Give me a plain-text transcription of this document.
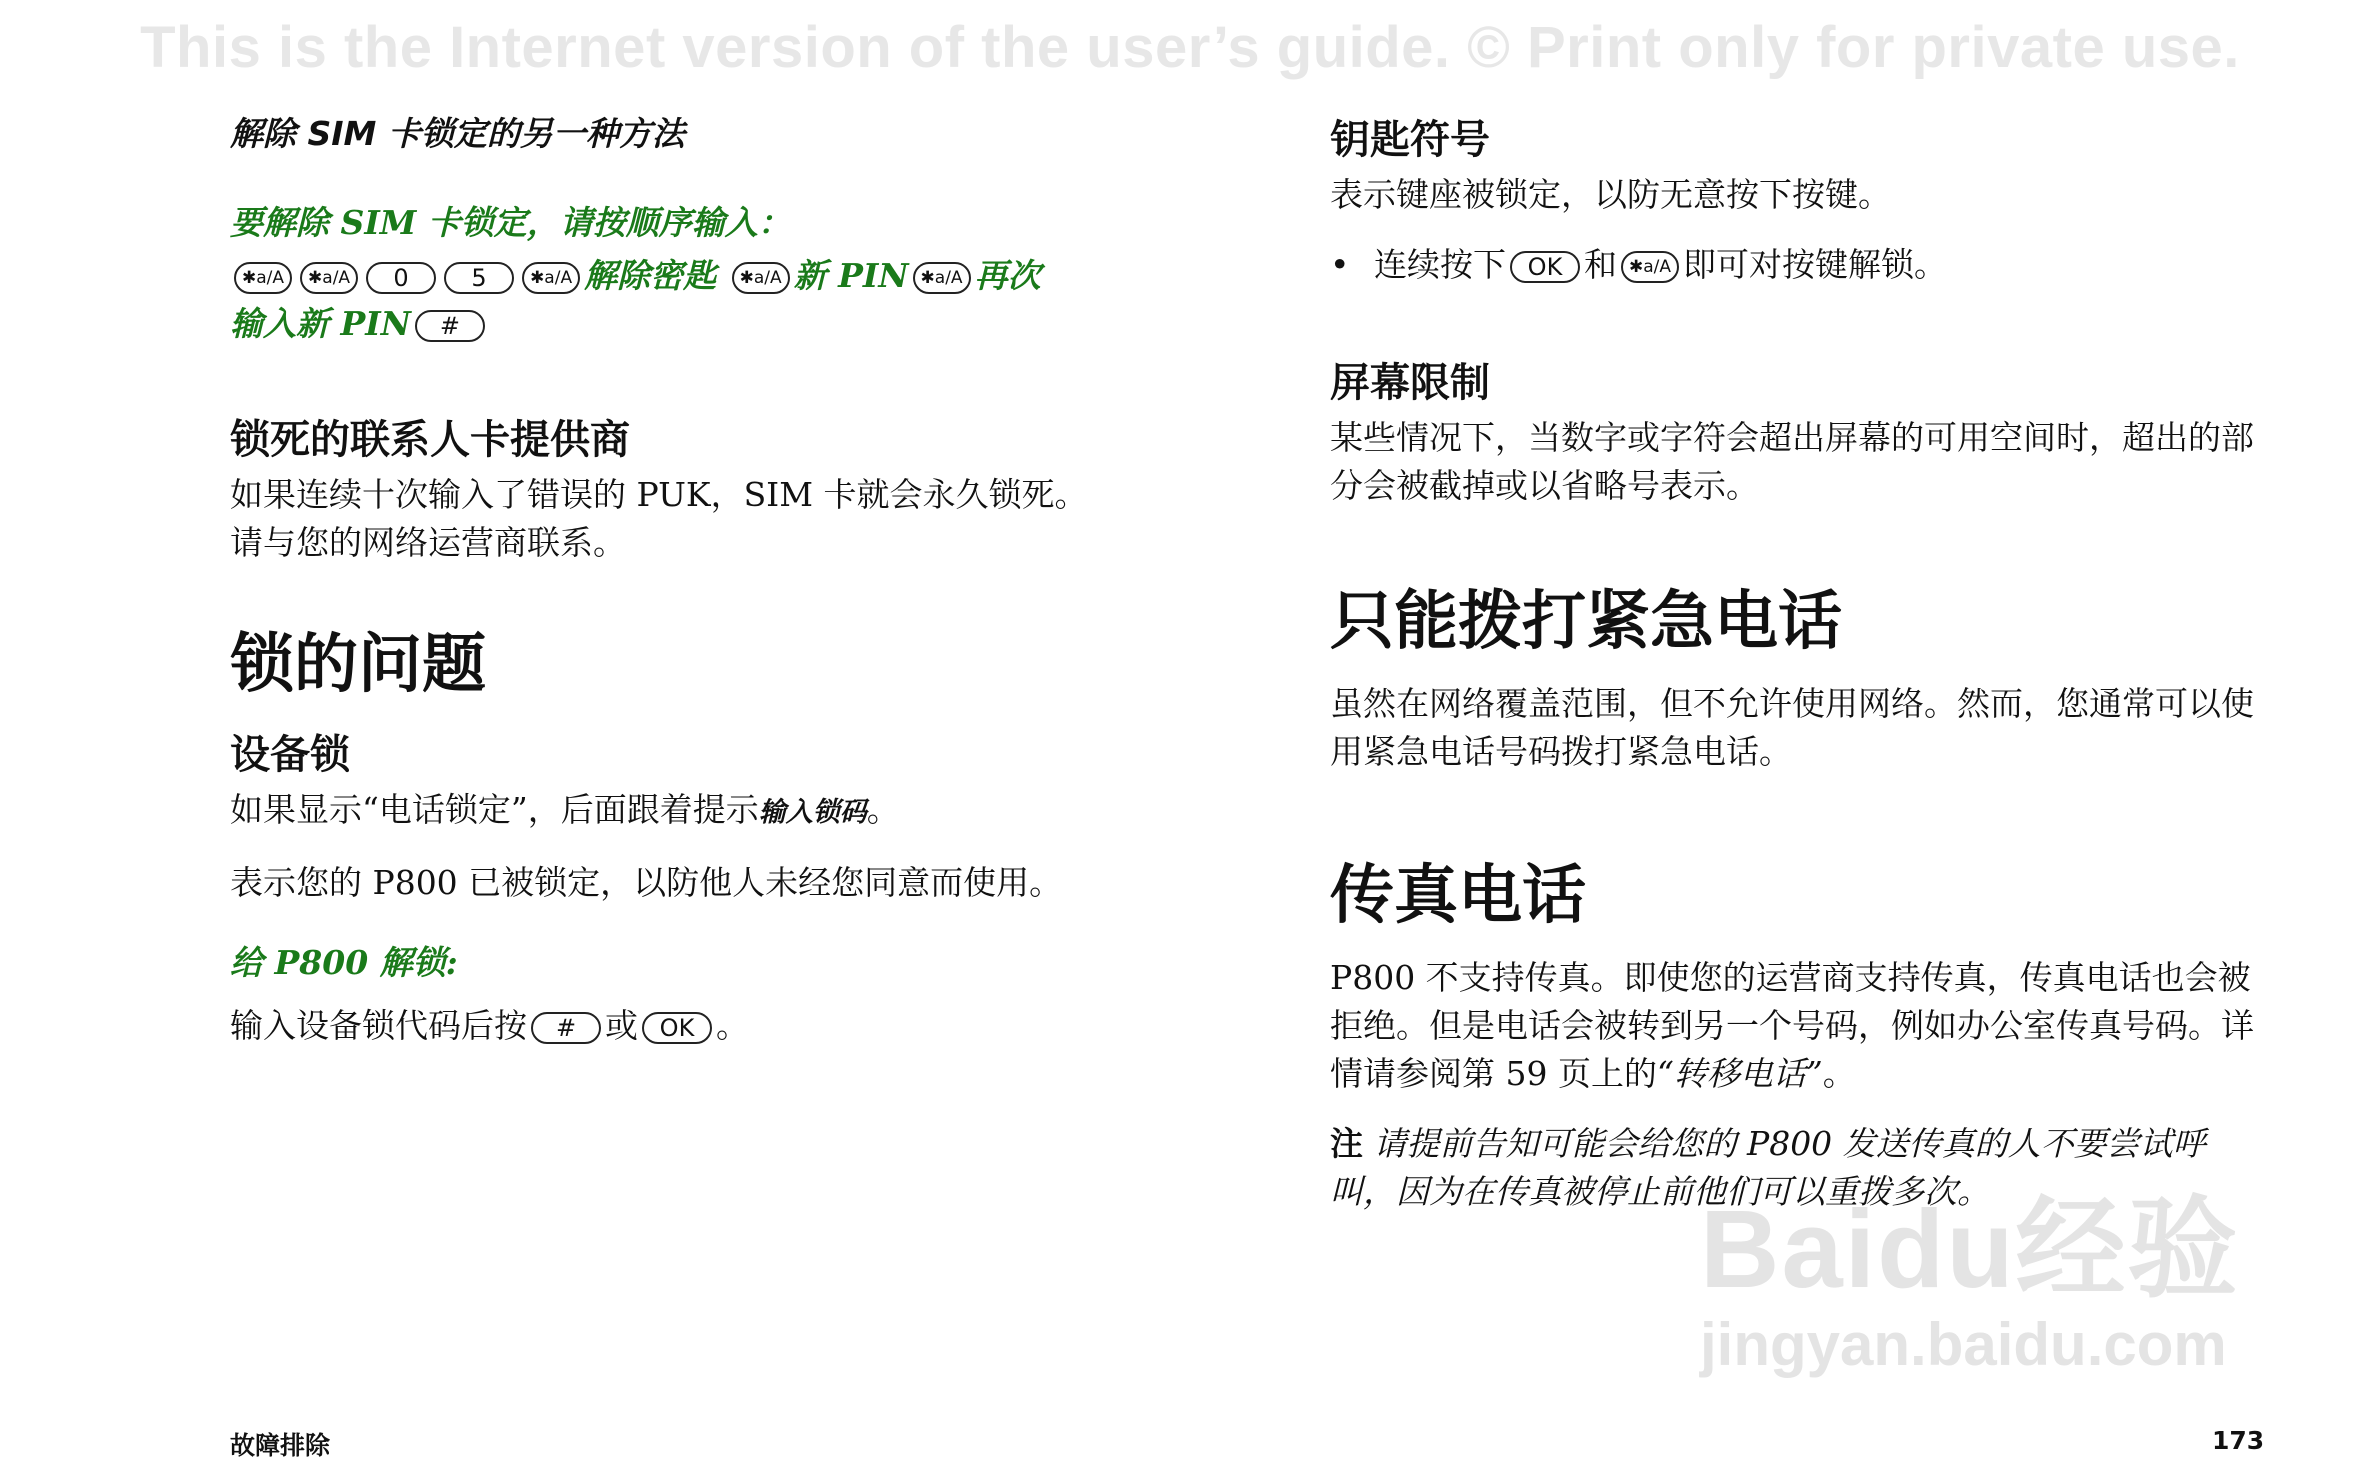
This is the Internet version of the user’s guide. © Print only for private use.
解除 SIM 卡锁定的另一种方法
要解除 SIM 卡锁定，请按顺序输入：
✱a/A ✱a/A 0	5	✱a/A 解除密匙 ✱a/A 新 PIN ✱a/A 再次
输入新 PIN #
锁死的联系人卡提供商
如果连续十次输入了错误的 PUK，SIM 卡就会永久锁死。
请与您的网络运营商联系。
锁的问题
设备锁
如果显示“电话锁定”，后面跟着提示输入锁码。
表示您的 P800 已被锁定，以防他人未经您同意而使用。
给 P800 解锁:
输入设备锁代码后按 # 或 OK 。
钥匙符号
表示键座被锁定，以防无意按下按键。
• 连续按下 OK 和 ✱a/A 即可对按键解锁。
屏幕限制
某些情况下，当数字或字符会超出屏幕的可用空间时，超出的部分会被截掉或以省略号表示。
只能拨打紧急电话
虽然在网络覆盖范围，但不允许使用网络。然而，您通常可以使用紧急电话号码拨打紧急电话。
传真电话
P800 不支持传真。即使您的运营商支持传真，传真电话也会被拒绝。但是电话会被转到另一个号码，例如办公室传真号码。详情请参阅第 59 页上的“转移电话”。
注 请提前告知可能会给您的 P800 发送传真的人不要尝试呼叫，因为在传真被停止前他们可以重拨多次。
Baidu经验
jingyan.baidu.com
故障排除	173
